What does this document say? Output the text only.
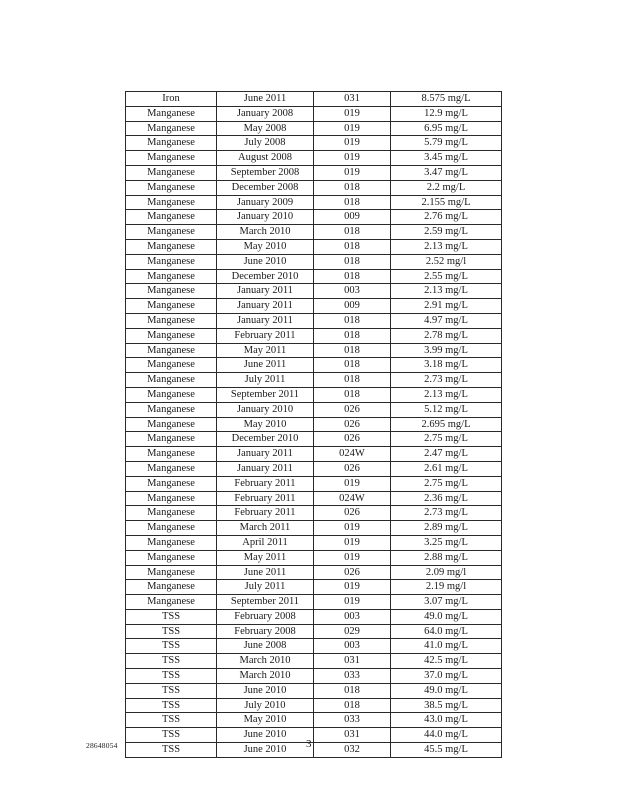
Iron	June 2011	031	8.575 mg/L
Manganese	January 2008	019	12.9 mg/L
Manganese	May 2008	019	6.95 mg/L
Manganese	July 2008	019	5.79 mg/L
Manganese	August 2008	019	3.45 mg/L
Manganese	September 2008	019	3.47 mg/L
Manganese	December 2008	018	2.2 mg/L
Manganese	January 2009	018	2.155 mg/L
Manganese	January 2010	009	2.76 mg/L
Manganese	March 2010	018	2.59 mg/L
Manganese	May 2010	018	2.13 mg/L
Manganese	June 2010	018	2.52 mg/l
Manganese	December 2010	018	2.55 mg/L
Manganese	January 2011	003	2.13 mg/L
Manganese	January 2011	009	2.91 mg/L
Manganese	January 2011	018	4.97 mg/L
Manganese	February 2011	018	2.78 mg/L
Manganese	May 2011	018	3.99 mg/L
Manganese	June 2011	018	3.18 mg/L
Manganese	July 2011	018	2.73 mg/L
Manganese	September 2011	018	2.13 mg/L
Manganese	January 2010	026	5.12 mg/L
Manganese	May 2010	026	2.695 mg/L
Manganese	December 2010	026	2.75 mg/L
Manganese	January 2011	024W	2.47 mg/L
Manganese	January 2011	026	2.61 mg/L
Manganese	February 2011	019	2.75 mg/L
Manganese	February 2011	024W	2.36 mg/L
Manganese	February 2011	026	2.73 mg/L
Manganese	March 2011	019	2.89 mg/L
Manganese	April 2011	019	3.25 mg/L
Manganese	May 2011	019	2.88 mg/L
Manganese	June 2011	026	2.09 mg/l
Manganese	July 2011	019	2.19 mg/l
Manganese	September 2011	019	3.07 mg/L
TSS	February 2008	003	49.0 mg/L
TSS	February 2008	029	64.0 mg/L
TSS	June 2008	003	41.0 mg/L
TSS	March 2010	031	42.5 mg/L
TSS	March 2010	033	37.0 mg/L
TSS	June 2010	018	49.0 mg/L
TSS	July 2010	018	38.5 mg/L
TSS	May 2010	033	43.0 mg/L
TSS	June 2010	031	44.0 mg/L
TSS	June 2010	032	45.5 mg/L
28648054	3
